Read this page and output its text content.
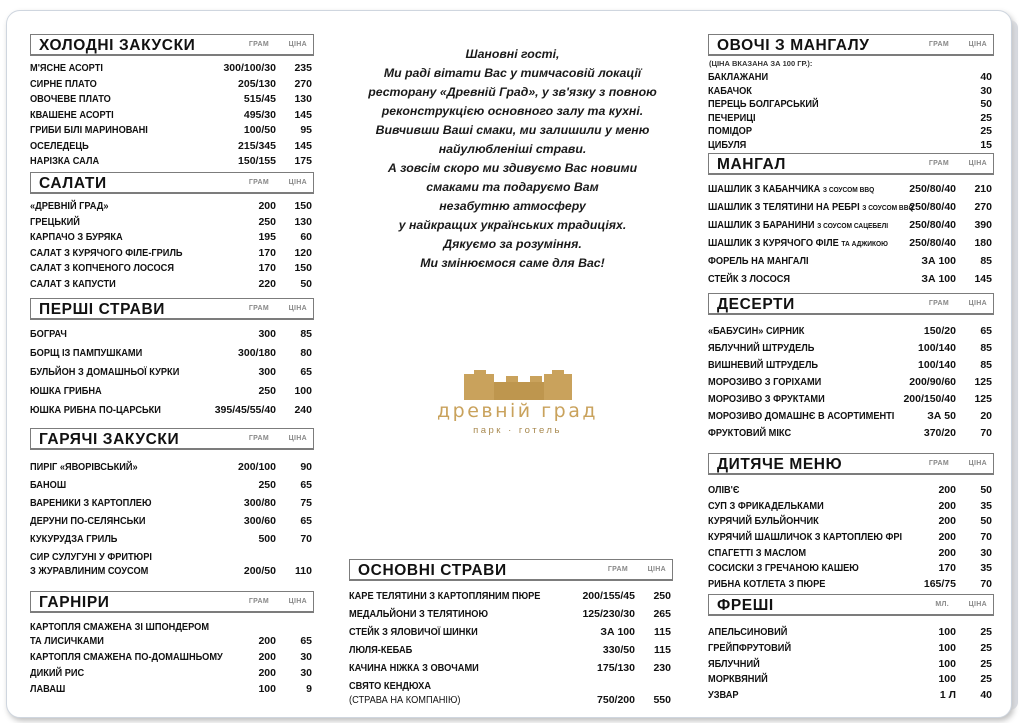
ХОЛОДНІ ЗАКУСКИ	ГРАМ	ЦІНА
М'ЯСНЕ АСОРТІ	300/100/30 235
СИРНЕ ПЛАТО	205/130 270
ОВОЧЕВЕ ПЛАТО	515/45 130
КВАШЕНЕ АСОРТІ	495/30 145
ГРИБИ БІЛІ МАРИНОВАНІ	100/50 95
ОСЕЛЕДЕЦЬ	215/345 145
НАРІЗКА САЛА	150/155 175
САЛАТИ	ГРАМ	ЦІНА
«ДРЕВНІЙ ГРАД»	200 150
ГРЕЦЬКИЙ	250 130
КАРПАЧО З БУРЯКА	195 60
САЛАТ З КУРЯЧОГО ФІЛЕ-ГРИЛЬ	170 120
САЛАТ З КОПЧЕНОГО ЛОСОСЯ	170 150
САЛАТ З КАПУСТИ	220 50
ПЕРШІ СТРАВИ	ГРАМ	ЦІНА
БОГРАЧ	300 85
БОРЩ ІЗ ПАМПУШКАМИ	300/180 80
БУЛЬЙОН З ДОМАШНЬОЇ КУРКИ	300 65
ЮШКА ГРИБНА	250 100
ЮШКА РИБНА ПО-ЦАРСЬКИ	395/45/55/40 240
ГАРЯЧІ ЗАКУСКИ	ГРАМ	ЦІНА
ПИРІГ «ЯВОРІВСЬКИЙ»	200/100 90
БАНОШ	250 65
ВАРЕНИКИ З КАРТОПЛЕЮ	300/80 75
ДЕРУНИ ПО-СЕЛЯНСЬКИ	300/60 65
КУКУРУДЗА ГРИЛЬ	500 70
СИР СУЛУГУНІ У ФРИТЮРІ
З ЖУРАВЛИНИМ СОУСОМ	200/50 110
ГАРНІРИ	ГРАМ	ЦІНА
КАРТОПЛЯ СМАЖЕНА ЗІ ШПОНДЕРОМ
ТА ЛИСИЧКАМИ	200 65
КАРТОПЛЯ СМАЖЕНА ПО-ДОМАШНЬОМУ	200 30
ДИКИЙ РИС	200 30
ЛАВАШ	100	9
Шановні гості,
Ми раді вітати Вас у тимчасовій локації
ресторану «Древній Град», у зв'язку з повною
реконструкцією основного залу та кухні.
Вивчивши Ваші смаки, ми залишили у меню
найулюбленіші страви.
А зовсім скоро ми здивуємо Вас новими
смаками та подаруємо Вам
незабутню атмосферу
у найкращих українських традиціях.
Дякуємо за розуміння.
Ми змінюємося саме для Вас!
древній град
парк · готель
ОСНОВНІ СТРАВИ	ГРАМ	ЦІНА
КАРЕ ТЕЛЯТИНИ З КАРТОПЛЯНИМ ПЮРЕ	200/155/45 250
МЕДАЛЬЙОНИ З ТЕЛЯТИНОЮ	125/230/30 265
СТЕЙК З ЯЛОВИЧОЇ ШИНКИ	ЗА 100 115
ЛЮЛЯ-КЕБАБ	330/50 115
КАЧИНА НІЖКА З ОВОЧАМИ	175/130 230
СВЯТО КЕНДЮХА
(СТРАВА НА КОМПАНІЮ)	750/200 550
ОВОЧІ З МАНГАЛУ	ГРАМ	ЦІНА
(ЦІНА ВКАЗАНА ЗА 100 ГР.):
БАКЛАЖАНИ	40
КАБАЧОК	30
ПЕРЕЦЬ БОЛГАРСЬКИЙ	50
ПЕЧЕРИЦІ	25
ПОМІДОР	25
ЦИБУЛЯ	15
МАНГАЛ	ГРАМ	ЦІНА
ШАШЛИК З КАБАНЧИКА З СОУСОМ BBQ	250/80/40 210
ШАШЛИК З ТЕЛЯТИНИ НА РЕБРІ З СОУСОМ BBQ
250/80/40 270
ШАШЛИК З БАРАНИНИ З СОУСОМ САЦЕБЕЛІ 250/80/40 390
ШАШЛИК З КУРЯЧОГО ФІЛЕ ТА АДЖИКОЮ 250/80/40 180
ФОРЕЛЬ НА МАНГАЛІ	ЗА 100 85
СТЕЙК З ЛОСОСЯ	ЗА 100 145
ДЕСЕРТИ	ГРАМ	ЦІНА
«БАБУСИН» СИРНИК	150/20 65
ЯБЛУЧНИЙ ШТРУДЕЛЬ	100/140 85
ВИШНЕВИЙ ШТРУДЕЛЬ	100/140 85
МОРОЗИВО З ГОРІХАМИ	200/90/60 125
МОРОЗИВО З ФРУКТАМИ	200/150/40 125
МОРОЗИВО ДОМАШНЄ В АСОРТИМЕНТІ	ЗА 50 20
ФРУКТОВИЙ МІКС	370/20 70
ДИТЯЧЕ МЕНЮ	ГРАМ	ЦІНА
ОЛІВ'Є	200 50
СУП З ФРИКАДЕЛЬКАМИ	200 35
КУРЯЧИЙ БУЛЬЙОНЧИК	200 50
КУРЯЧИЙ ШАШЛИЧОК З КАРТОПЛЕЮ ФРІ	200 70
СПАГЕТТІ З МАСЛОМ	200 30
СОСИСКИ З ГРЕЧАНОЮ КАШЕЮ	170 35
РИБНА КОТЛЕТА З ПЮРЕ	165/75 70
ФРЕШІ	МЛ.	ЦІНА
АПЕЛЬСИНОВИЙ	100 25
ГРЕЙПФРУТОВИЙ	100 25
ЯБЛУЧНИЙ	100 25
МОРКВЯНИЙ	100 25
УЗВАР	1 Л 40
